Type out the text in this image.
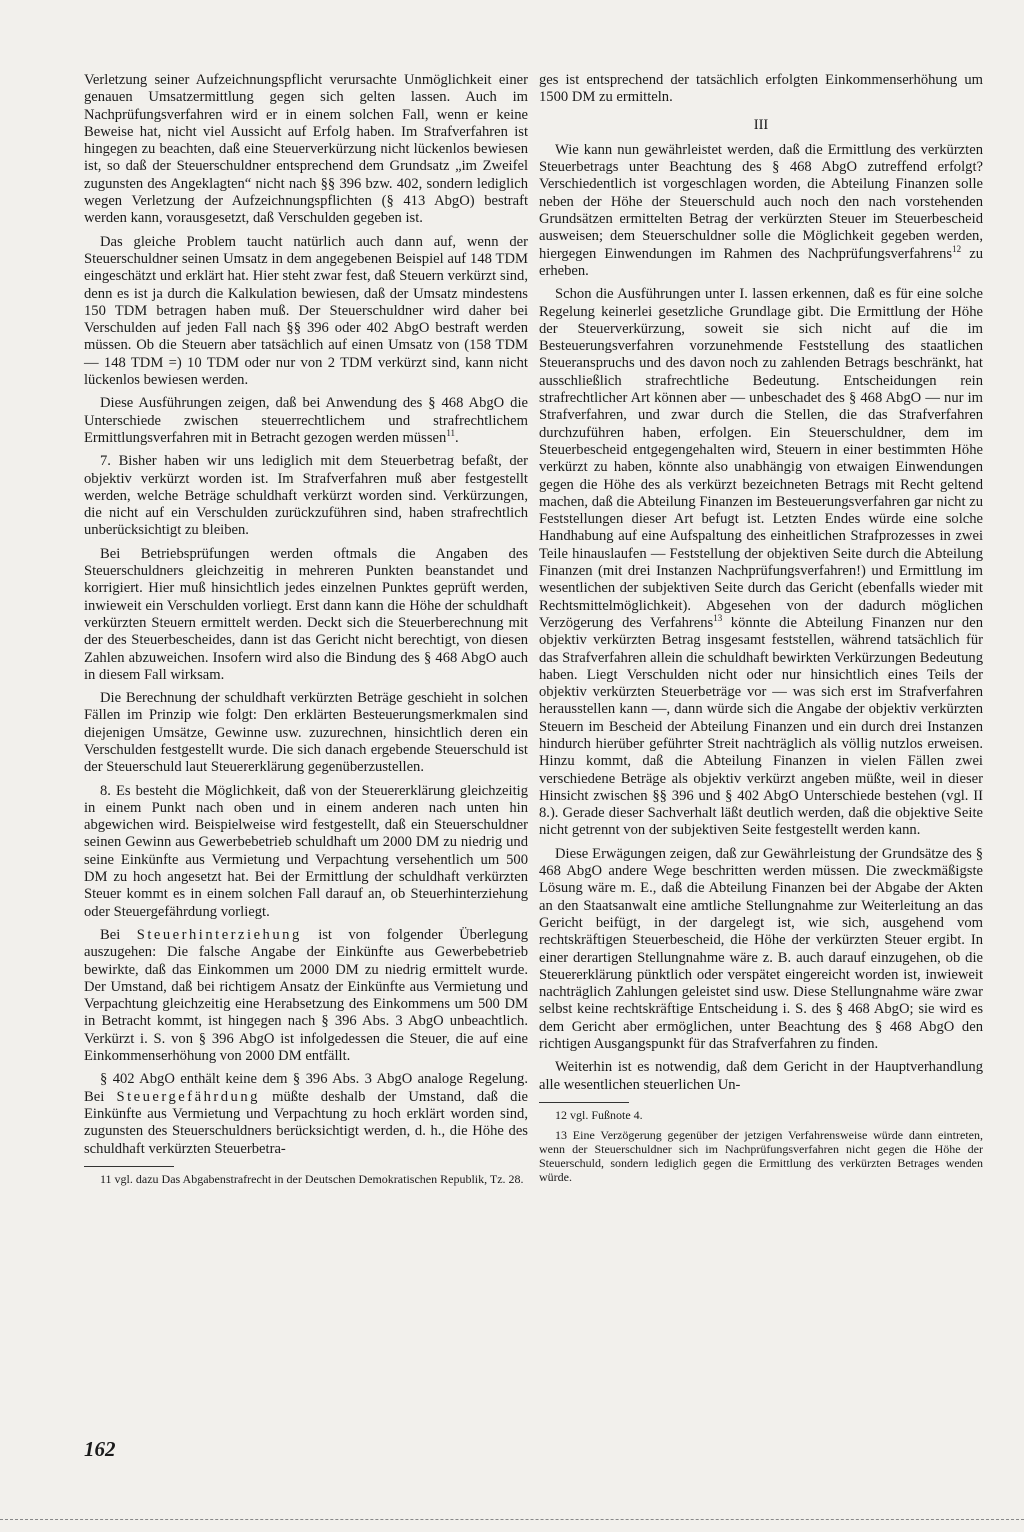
Verletzung seiner Aufzeichnungspflicht verursachte Unmöglichkeit einer genauen Umsatzermittlung gegen sich gelten lassen. Auch im Nachprüfungsverfahren wird er in einem solchen Fall, wenn er keine Beweise hat, nicht viel Aussicht auf Erfolg haben. Im Strafverfahren ist hingegen zu beachten, daß eine Steuerverkürzung nicht lückenlos bewiesen ist, so daß der Steuerschuldner entsprechend dem Grundsatz „im Zweifel zugunsten des Angeklagten“ nicht nach §§ 396 bzw. 402, sondern lediglich wegen Verletzung der Aufzeichnungspflichten (§ 413 AbgO) bestraft werden kann, vorausgesetzt, daß Verschulden gegeben ist.

Das gleiche Problem taucht natürlich auch dann auf, wenn der Steuerschuldner seinen Umsatz in dem angegebenen Beispiel auf 148 TDM eingeschätzt und erklärt hat. Hier steht zwar fest, daß Steuern verkürzt sind, denn es ist ja durch die Kalkulation bewiesen, daß der Umsatz mindestens 150 TDM betragen haben muß. Der Steuerschuldner wird daher bei Verschulden auf jeden Fall nach §§ 396 oder 402 AbgO bestraft werden müssen. Ob die Steuern aber tatsächlich auf einen Umsatz von (158 TDM — 148 TDM =) 10 TDM oder nur von 2 TDM verkürzt sind, kann nicht lückenlos bewiesen werden.

Diese Ausführungen zeigen, daß bei Anwendung des § 468 AbgO die Unterschiede zwischen steuerrechtlichem und strafrechtlichem Ermittlungsverfahren mit in Betracht gezogen werden müssen$^{11}$.

7. Bisher haben wir uns lediglich mit dem Steuerbetrag befaßt, der objektiv verkürzt worden ist. Im Strafverfahren muß aber festgestellt werden, welche Beträge schuldhaft verkürzt worden sind. Verkürzungen, die nicht auf ein Verschulden zurückzuführen sind, haben strafrechtlich unberücksichtigt zu bleiben.

Bei Betriebsprüfungen werden oftmals die Angaben des Steuerschuldners gleichzeitig in mehreren Punkten beanstandet und korrigiert. Hier muß hinsichtlich jedes einzelnen Punktes geprüft werden, inwieweit ein Verschulden vorliegt. Erst dann kann die Höhe der schuldhaft verkürzten Steuern ermittelt werden. Deckt sich die Steuerberechnung mit der des Steuerbescheides, dann ist das Gericht nicht berechtigt, von diesen Zahlen abzuweichen. Insofern wird also die Bindung des § 468 AbgO auch in diesem Fall wirksam.

Die Berechnung der schuldhaft verkürzten Beträge geschieht in solchen Fällen im Prinzip wie folgt: Den erklärten Besteuerungsmerkmalen sind diejenigen Umsätze, Gewinne usw. zuzurechnen, hinsichtlich deren ein Verschulden festgestellt wurde. Die sich danach ergebende Steuerschuld ist der Steuerschuld laut Steuererklärung gegenüberzustellen.

8. Es besteht die Möglichkeit, daß von der Steuererklärung gleichzeitig in einem Punkt nach oben und in einem anderen nach unten hin abgewichen wird. Beispielweise wird festgestellt, daß ein Steuerschuldner seinen Gewinn aus Gewerbebetrieb schuldhaft um 2000 DM zu niedrig und seine Einkünfte aus Vermietung und Verpachtung versehentlich um 500 DM zu hoch angesetzt hat. Bei der Ermittlung der schuldhaft verkürzten Steuer kommt es in einem solchen Fall darauf an, ob Steuerhinterziehung oder Steuergefährdung vorliegt.

Bei Steuerhinterziehung ist von folgender Überlegung auszugehen: Die falsche Angabe der Einkünfte aus Gewerbebetrieb bewirkte, daß das Einkommen um 2000 DM zu niedrig ermittelt wurde. Der Umstand, daß bei richtigem Ansatz der Einkünfte aus Vermietung und Verpachtung gleichzeitig eine Herabsetzung des Einkommens um 500 DM in Betracht kommt, ist hingegen nach § 396 Abs. 3 AbgO unbeachtlich. Verkürzt i. S. von § 396 AbgO ist infolgedessen die Steuer, die auf eine Einkommenserhöhung von 2000 DM entfällt.

§ 402 AbgO enthält keine dem § 396 Abs. 3 AbgO analoge Regelung. Bei Steuergefährdung müßte deshalb der Umstand, daß die Einkünfte aus Vermietung und Verpachtung zu hoch erklärt worden sind, zugunsten des Steuerschuldners berücksichtigt werden, d. h., die Höhe des schuldhaft verkürzten Steuerbetra-

11 vgl. dazu Das Abgabenstrafrecht in der Deutschen Demokratischen Republik, Tz. 28.

ges ist entsprechend der tatsächlich erfolgten Einkommenserhöhung um 1500 DM zu ermitteln.

III

Wie kann nun gewährleistet werden, daß die Ermittlung des verkürzten Steuerbetrags unter Beachtung des § 468 AbgO zutreffend erfolgt? Verschiedentlich ist vorgeschlagen worden, die Abteilung Finanzen solle neben der Höhe der Steuerschuld auch noch den nach vorstehenden Grundsätzen ermittelten Betrag der verkürzten Steuer im Steuerbescheid ausweisen; dem Steuerschuldner solle die Möglichkeit gegeben werden, hiergegen Einwendungen im Rahmen des Nachprüfungsverfahrens$^{12}$ zu erheben.

Schon die Ausführungen unter I. lassen erkennen, daß es für eine solche Regelung keinerlei gesetzliche Grundlage gibt. Die Ermittlung der Höhe der Steuerverkürzung, soweit sie sich nicht auf die im Besteuerungsverfahren vorzunehmende Feststellung des staatlichen Steueranspruchs und des davon noch zu zahlenden Betrags beschränkt, hat ausschließlich strafrechtliche Bedeutung. Entscheidungen rein strafrechtlicher Art können aber — unbeschadet des § 468 AbgO — nur im Strafverfahren, und zwar durch die Stellen, die das Strafverfahren durchzuführen haben, erfolgen. Ein Steuerschuldner, dem im Steuerbescheid entgegengehalten wird, Steuern in einer bestimmten Höhe verkürzt zu haben, könnte also unabhängig von etwaigen Einwendungen gegen die Höhe des als verkürzt bezeichneten Betrags mit Recht geltend machen, daß die Abteilung Finanzen im Besteuerungsverfahren gar nicht zu Feststellungen dieser Art befugt ist. Letzten Endes würde eine solche Handhabung auf eine Aufspaltung des einheitlichen Strafprozesses in zwei Teile hinauslaufen — Feststellung der objektiven Seite durch die Abteilung Finanzen (mit drei Instanzen Nachprüfungsverfahren!) und Ermittlung im wesentlichen der subjektiven Seite durch das Gericht (ebenfalls wieder mit Rechtsmittelmöglichkeit). Abgesehen von der dadurch möglichen Verzögerung des Verfahrens$^{13}$ könnte die Abteilung Finanzen nur den objektiv verkürzten Betrag insgesamt feststellen, während tatsächlich für das Strafverfahren allein die schuldhaft bewirkten Verkürzungen Bedeutung haben. Liegt Verschulden nicht oder nur hinsichtlich eines Teils der objektiv verkürzten Steuerbeträge vor — was sich erst im Strafverfahren herausstellen kann —, dann würde sich die Angabe der objektiv verkürzten Steuern im Bescheid der Abteilung Finanzen und ein durch drei Instanzen hindurch hierüber geführter Streit nachträglich als völlig nutzlos erweisen. Hinzu kommt, daß die Abteilung Finanzen in vielen Fällen zwei verschiedene Beträge als objektiv verkürzt angeben müßte, weil in dieser Hinsicht zwischen §§ 396 und § 402 AbgO Unterschiede bestehen (vgl. II 8.). Gerade dieser Sachverhalt läßt deutlich werden, daß die objektive Seite nicht getrennt von der subjektiven Seite festgestellt werden kann.

Diese Erwägungen zeigen, daß zur Gewährleistung der Grundsätze des § 468 AbgO andere Wege beschritten werden müssen. Die zweckmäßigste Lösung wäre m. E., daß die Abteilung Finanzen bei der Abgabe der Akten an den Staatsanwalt eine amtliche Stellungnahme zur Weiterleitung an das Gericht beifügt, in der dargelegt ist, wie sich, ausgehend vom rechtskräftigen Steuerbescheid, die Höhe der verkürzten Steuer ergibt. In einer derartigen Stellungnahme wäre z. B. auch darauf einzugehen, ob die Steuererklärung pünktlich oder verspätet eingereicht worden ist, inwieweit nachträglich Zahlungen geleistet sind usw. Diese Stellungnahme wäre zwar selbst keine rechtskräftige Entscheidung i. S. des § 468 AbgO; sie wird es dem Gericht aber ermöglichen, unter Beachtung des § 468 AbgO den richtigen Ausgangspunkt für das Strafverfahren zu finden.

Weiterhin ist es notwendig, daß dem Gericht in der Hauptverhandlung alle wesentlichen steuerlichen Un-

12 vgl. Fußnote 4.

13 Eine Verzögerung gegenüber der jetzigen Verfahrensweise würde dann eintreten, wenn der Steuerschuldner sich im Nachprüfungsverfahren nicht gegen die Höhe der Steuerschuld, sondern lediglich gegen die Ermittlung des verkürzten Betrages wenden würde.

162
